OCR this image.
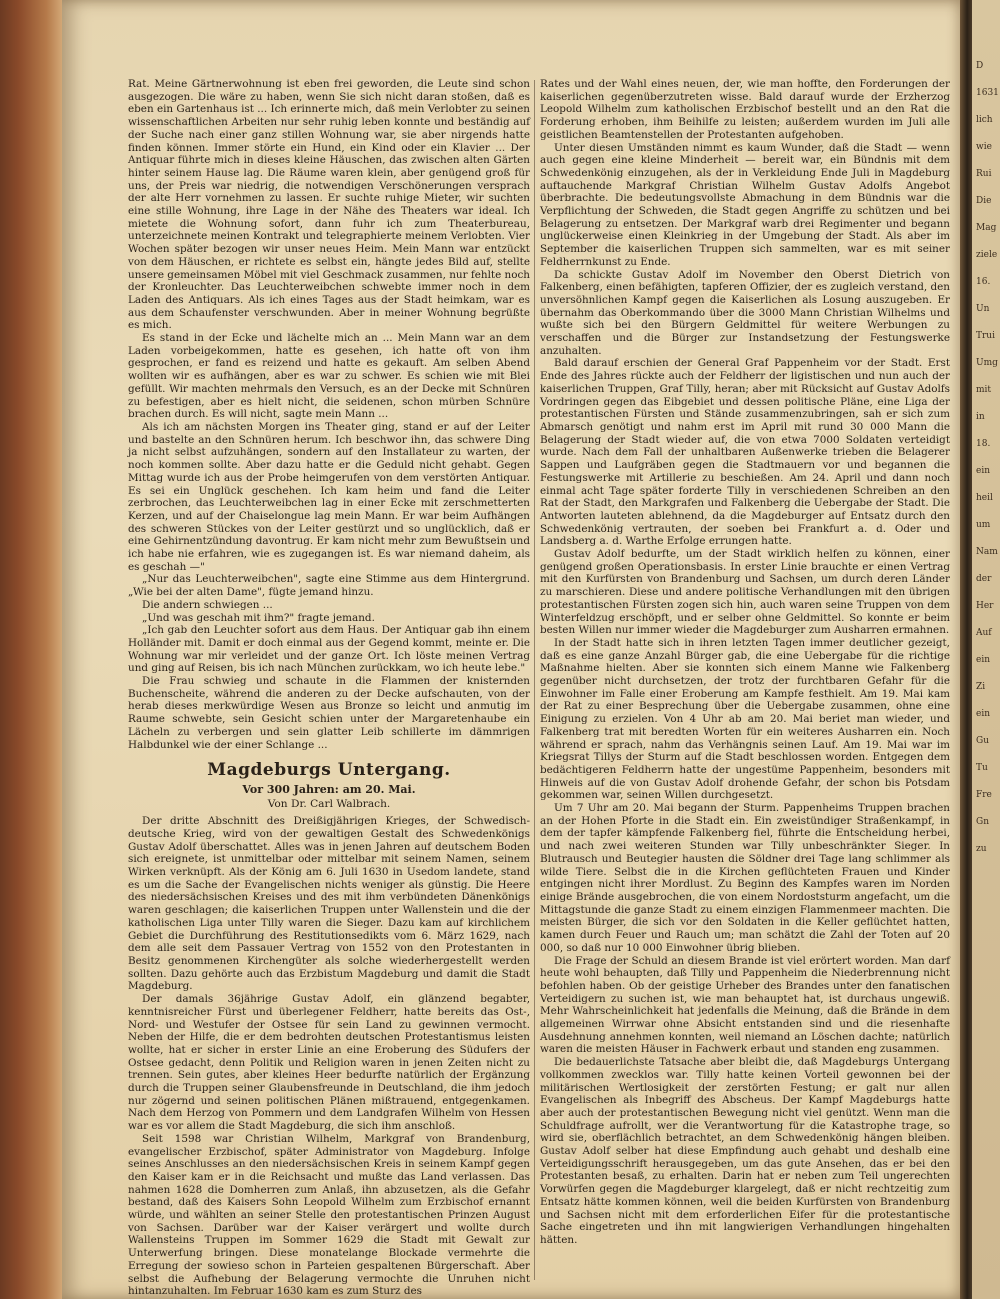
Rat. Meine Gärtnerwohnung ist eben frei geworden, die Leute sind schon ausgezogen. Die wäre zu haben, wenn Sie sich nicht daran stoßen, daß es eben ein Gartenhaus ist ... Ich erinnerte mich, daß mein Verlobter zu seinen wissenschaftlichen Arbeiten nur sehr ruhig leben konnte und beständig auf der Suche nach einer ganz stillen Wohnung war, sie aber nirgends hatte finden können. Immer störte ein Hund, ein Kind oder ein Klavier ... Der Antiquar führte mich in dieses kleine Häuschen, das zwischen alten Gärten hinter seinem Hause lag. Die Räume waren klein, aber genügend groß für uns, der Preis war niedrig, die notwendigen Verschönerungen versprach der alte Herr vornehmen zu lassen. Er suchte ruhige Mieter, wir suchten eine stille Wohnung, ihre Lage in der Nähe des Theaters war ideal. Ich mietete die Wohnung sofort, dann fuhr ich zum Theaterbureau, unterzeichnete meinen Kontrakt und telegraphierte meinem Verlobten. Vier Wochen später bezogen wir unser neues Heim. Mein Mann war entzückt von dem Häuschen, er richtete es selbst ein, hängte jedes Bild auf, stellte unsere gemeinsamen Möbel mit viel Geschmack zusammen, nur fehlte noch der Kronleuchter. Das Leuchterweibchen schwebte immer noch in dem Laden des Antiquars. Als ich eines Tages aus der Stadt heimkam, war es aus dem Schaufenster verschwunden. Aber in meiner Wohnung begrüßte es mich.

Es stand in der Ecke und lächelte mich an ... Mein Mann war an dem Laden vorbeigekommen, hatte es gesehen, ich hatte oft von ihm gesprochen, er fand es reizend und hatte es gekauft. Am selben Abend wollten wir es aufhängen, aber es war zu schwer. Es schien wie mit Blei gefüllt. Wir machten mehrmals den Versuch, es an der Decke mit Schnüren zu befestigen, aber es hielt nicht, die seidenen, schon mürben Schnüre brachen durch. Es will nicht, sagte mein Mann ...

Als ich am nächsten Morgen ins Theater ging, stand er auf der Leiter und bastelte an den Schnüren herum. Ich beschwor ihn, das schwere Ding ja nicht selbst aufzuhängen, sondern auf den Installateur zu warten, der noch kommen sollte. Aber dazu hatte er die Geduld nicht gehabt. Gegen Mittag wurde ich aus der Probe heimgerufen von dem verstörten Antiquar. Es sei ein Unglück geschehen. Ich kam heim und fand die Leiter zerbrochen, das Leuchterweibchen lag in einer Ecke mit zerschmetterten Kerzen, und auf der Chaiselongue lag mein Mann. Er war beim Aufhängen des schweren Stückes von der Leiter gestürzt und so unglücklich, daß er eine Gehirnentzündung davontrug. Er kam nicht mehr zum Bewußtsein und ich habe nie erfahren, wie es zugegangen ist. Es war niemand daheim, als es geschah —"

„Nur das Leuchterweibchen", sagte eine Stimme aus dem Hintergrund. „Wie bei der alten Dame", fügte jemand hinzu.

Die andern schwiegen ...

„Und was geschah mit ihm?" fragte jemand.

„Ich gab den Leuchter sofort aus dem Haus. Der Antiquar gab ihn einem Holländer mit. Damit er doch einmal aus der Gegend kommt, meinte er. Die Wohnung war mir verleidet und der ganze Ort. Ich löste meinen Vertrag und ging auf Reisen, bis ich nach München zurückkam, wo ich heute lebe."

Die Frau schwieg und schaute in die Flammen der knisternden Buchenscheite, während die anderen zu der Decke aufschauten, von der herab dieses merkwürdige Wesen aus Bronze so leicht und anmutig im Raume schwebte, sein Gesicht schien unter der Margaretenhaube ein Lächeln zu verbergen und sein glatter Leib schillerte im dämmrigen Halbdunkel wie der einer Schlange ...

Magdeburgs Untergang.
Vor 300 Jahren: am 20. Mai.
Von Dr. Carl Walbrach.

Der dritte Abschnitt des Dreißigjährigen Krieges, der Schwedisch-deutsche Krieg, wird von der gewaltigen Gestalt des Schwedenkönigs Gustav Adolf überschattet. Alles was in jenen Jahren auf deutschem Boden sich ereignete, ist unmittelbar oder mittelbar mit seinem Namen, seinem Wirken verknüpft. Als der König am 6. Juli 1630 in Usedom landete, stand es um die Sache der Evangelischen nichts weniger als günstig. Die Heere des niedersächsischen Kreises und des mit ihm verbündeten Dänenkönigs waren geschlagen; die kaiserlichen Truppen unter Wallenstein und die der katholischen Liga unter Tilly waren die Sieger. Dazu kam auf kirchlichem Gebiet die Durchführung des Restitutionsedikts vom 6. März 1629, nach dem alle seit dem Passauer Vertrag von 1552 von den Protestanten in Besitz genommenen Kirchengüter als solche wiederhergestellt werden sollten. Dazu gehörte auch das Erzbistum Magdeburg und damit die Stadt Magdeburg.

Der damals 36jährige Gustav Adolf, ein glänzend begabter, kenntnisreicher Fürst und überlegener Feldherr, hatte bereits das Ost-, Nord- und Westufer der Ostsee für sein Land zu gewinnen vermocht. Neben der Hilfe, die er dem bedrohten deutschen Protestantismus leisten wollte, hat er sicher in erster Linie an eine Eroberung des Südufers der Ostsee gedacht, denn Politik und Religion waren in jenen Zeiten nicht zu trennen. Sein gutes, aber kleines Heer bedurfte natürlich der Ergänzung durch die Truppen seiner Glaubensfreunde in Deutschland, die ihm jedoch nur zögernd und seinen politischen Plänen mißtrauend, entgegenkamen. Nach dem Herzog von Pommern und dem Landgrafen Wilhelm von Hessen war es vor allem die Stadt Magdeburg, die sich ihm anschloß.

Seit 1598 war Christian Wilhelm, Markgraf von Brandenburg, evangelischer Erzbischof, später Administrator von Magdeburg. Infolge seines Anschlusses an den niedersächsischen Kreis in seinem Kampf gegen den Kaiser kam er in die Reichsacht und mußte das Land verlassen. Das nahmen 1628 die Domherren zum Anlaß, ihn abzusetzen, als die Gefahr bestand, daß des Kaisers Sohn Leopold Wilhelm zum Erzbischof ernannt würde, und wählten an seiner Stelle den protestantischen Prinzen August von Sachsen. Darüber war der Kaiser verärgert und wollte durch Wallensteins Truppen im Sommer 1629 die Stadt mit Gewalt zur Unterwerfung bringen. Diese monatelange Blockade vermehrte die Erregung der sowieso schon in Parteien gespaltenen Bürgerschaft. Aber selbst die Aufhebung der Belagerung vermochte die Unruhen nicht hintanzuhalten. Im Februar 1630 kam es zum Sturz des

Rates und der Wahl eines neuen, der, wie man hoffte, den Forderungen der kaiserlichen gegenüberzutreten wisse. Bald darauf wurde der Erzherzog Leopold Wilhelm zum katholischen Erzbischof bestellt und an den Rat die Forderung erhoben, ihm Beihilfe zu leisten; außerdem wurden im Juli alle geistlichen Beamtenstellen der Protestanten aufgehoben.

Unter diesen Umständen nimmt es kaum Wunder, daß die Stadt — wenn auch gegen eine kleine Minderheit — bereit war, ein Bündnis mit dem Schwedenkönig einzugehen, als der in Verkleidung Ende Juli in Magdeburg auftauchende Markgraf Christian Wilhelm Gustav Adolfs Angebot überbrachte. Die bedeutungsvollste Abmachung in dem Bündnis war die Verpflichtung der Schweden, die Stadt gegen Angriffe zu schützen und bei Belagerung zu entsetzen. Der Markgraf warb drei Regimenter und begann unglückerweise einen Kleinkrieg in der Umgebung der Stadt. Als aber im September die kaiserlichen Truppen sich sammelten, war es mit seiner Feldherrnkunst zu Ende.

Da schickte Gustav Adolf im November den Oberst Dietrich von Falkenberg, einen befähigten, tapferen Offizier, der es zugleich verstand, den unversöhnlichen Kampf gegen die Kaiserlichen als Losung auszugeben. Er übernahm das Oberkommando über die 3000 Mann Christian Wilhelms und wußte sich bei den Bürgern Geldmittel für weitere Werbungen zu verschaffen und die Bürger zur Instandsetzung der Festungswerke anzuhalten.

Bald darauf erschien der General Graf Pappenheim vor der Stadt. Erst Ende des Jahres rückte auch der Feldherr der ligistischen und nun auch der kaiserlichen Truppen, Graf Tilly, heran; aber mit Rücksicht auf Gustav Adolfs Vordringen gegen das Eibgebiet und dessen politische Pläne, eine Liga der protestantischen Fürsten und Stände zusammenzubringen, sah er sich zum Abmarsch genötigt und nahm erst im April mit rund 30 000 Mann die Belagerung der Stadt wieder auf, die von etwa 7000 Soldaten verteidigt wurde. Nach dem Fall der unhaltbaren Außenwerke trieben die Belagerer Sappen und Laufgräben gegen die Stadtmauern vor und begannen die Festungswerke mit Artillerie zu beschießen. Am 24. April und dann noch einmal acht Tage später forderte Tilly in verschiedenen Schreiben an den Rat der Stadt, den Markgrafen und Falkenberg die Uebergabe der Stadt. Die Antworten lauteten ablehnend, da die Magdeburger auf Entsatz durch den Schwedenkönig vertrauten, der soeben bei Frankfurt a. d. Oder und Landsberg a. d. Warthe Erfolge errungen hatte.

Gustav Adolf bedurfte, um der Stadt wirklich helfen zu können, einer genügend großen Operationsbasis. In erster Linie brauchte er einen Vertrag mit den Kurfürsten von Brandenburg und Sachsen, um durch deren Länder zu marschieren. Diese und andere politische Verhandlungen mit den übrigen protestantischen Fürsten zogen sich hin, auch waren seine Truppen von dem Winterfeldzug erschöpft, und er selber ohne Geldmittel. So konnte er beim besten Willen nur immer wieder die Magdeburger zum Ausharren ermahnen.

In der Stadt hatte sich in ihren letzten Tagen immer deutlicher gezeigt, daß es eine ganze Anzahl Bürger gab, die eine Uebergabe für die richtige Maßnahme hielten. Aber sie konnten sich einem Manne wie Falkenberg gegenüber nicht durchsetzen, der trotz der furchtbaren Gefahr für die Einwohner im Falle einer Eroberung am Kampfe festhielt. Am 19. Mai kam der Rat zu einer Besprechung über die Uebergabe zusammen, ohne eine Einigung zu erzielen. Von 4 Uhr ab am 20. Mai beriet man wieder, und Falkenberg trat mit beredten Worten für ein weiteres Ausharren ein. Noch während er sprach, nahm das Verhängnis seinen Lauf. Am 19. Mai war im Kriegsrat Tillys der Sturm auf die Stadt beschlossen worden. Entgegen dem bedächtigeren Feldherrn hatte der ungestüme Pappenheim, besonders mit Hinweis auf die von Gustav Adolf drohende Gefahr, der schon bis Potsdam gekommen war, seinen Willen durchgesetzt.

Um 7 Uhr am 20. Mai begann der Sturm. Pappenheims Truppen brachen an der Hohen Pforte in die Stadt ein. Ein zweistündiger Straßenkampf, in dem der tapfer kämpfende Falkenberg fiel, führte die Entscheidung herbei, und nach zwei weiteren Stunden war Tilly unbeschränkter Sieger. In Blutrausch und Beutegier hausten die Söldner drei Tage lang schlimmer als wilde Tiere. Selbst die in die Kirchen geflüchteten Frauen und Kinder entgingen nicht ihrer Mordlust. Zu Beginn des Kampfes waren im Norden einige Brände ausgebrochen, die von einem Nordoststurm angefacht, um die Mittagstunde die ganze Stadt zu einem einzigen Flammenmeer machten. Die meisten Bürger, die sich vor den Soldaten in die Keller geflüchtet hatten, kamen durch Feuer und Rauch um; man schätzt die Zahl der Toten auf 20 000, so daß nur 10 000 Einwohner übrig blieben.

Die Frage der Schuld an diesem Brande ist viel erörtert worden. Man darf heute wohl behaupten, daß Tilly und Pappenheim die Niederbrennung nicht befohlen haben. Ob der geistige Urheber des Brandes unter den fanatischen Verteidigern zu suchen ist, wie man behauptet hat, ist durchaus ungewiß. Mehr Wahrscheinlichkeit hat jedenfalls die Meinung, daß die Brände in dem allgemeinen Wirrwar ohne Absicht entstanden sind und die riesenhafte Ausdehnung annehmen konnten, weil niemand an Löschen dachte; natürlich waren die meisten Häuser in Fachwerk erbaut und standen eng zusammen.

Die bedauerlichste Tatsache aber bleibt die, daß Magdeburgs Untergang vollkommen zwecklos war. Tilly hatte keinen Vorteil gewonnen bei der militärischen Wertlosigkeit der zerstörten Festung; er galt nur allen Evangelischen als Inbegriff des Abscheus. Der Kampf Magdeburgs hatte aber auch der protestantischen Bewegung nicht viel genützt. Wenn man die Schuldfrage aufrollt, wer die Verantwortung für die Katastrophe trage, so wird sie, oberflächlich betrachtet, an dem Schwedenkönig hängen bleiben. Gustav Adolf selber hat diese Empfindung auch gehabt und deshalb eine Verteidigungsschrift herausgegeben, um das gute Ansehen, das er bei den Protestanten besaß, zu erhalten. Darin hat er neben zum Teil ungerechten Vorwürfen gegen die Magdeburger klargelegt, daß er nicht rechtzeitig zum Entsatz hätte kommen können, weil die beiden Kurfürsten von Brandenburg und Sachsen nicht mit dem erforderlichen Eifer für die protestantische Sache eingetreten und ihn mit langwierigen Verhandlungen hingehalten hätten.

D
1631
lich
wie
Rui
Die
Mag
ziele
16.
Un
Trui
Umg
mit
in
18.
ein
heil
um
Nam
der
Her
Auf
ein
Zi
ein
Gu
Tu
Fre
Gn
zu
